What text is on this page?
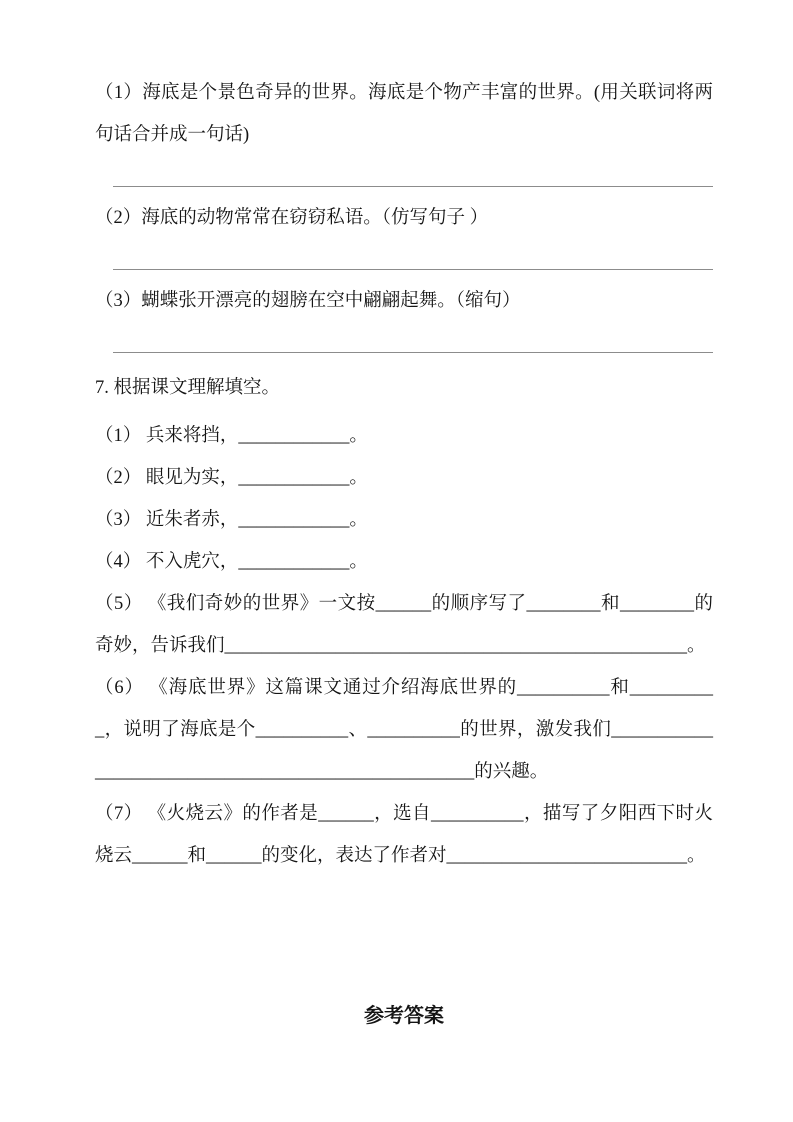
（1）海底是个景色奇异的世界。海底是个物产丰富的世界。(用关联词将两句话合并成一句话)

（2）海底的动物常常在窃窃私语。（仿写句子 ）

（3）蝴蝶张开漂亮的翅膀在空中翩翩起舞。（缩句）

7. 根据课文理解填空。

（1） 兵来将挡，____________。

（2） 眼见为实，____________。

（3） 近朱者赤，____________。

（4） 不入虎穴，____________。

（5） 《我们奇妙的世界》一文按______的顺序写了________和________的奇妙，告诉我们__________________________________________________。

（6） 《海底世界》这篇课文通过介绍海底世界的__________和__________，说明了海底是个__________、__________的世界，激发我们____________________________________________________的兴趣。

（7） 《火烧云》的作者是______，选自__________，描写了夕阳西下时火烧云______和______的变化，表达了作者对__________________________。

参考答案
